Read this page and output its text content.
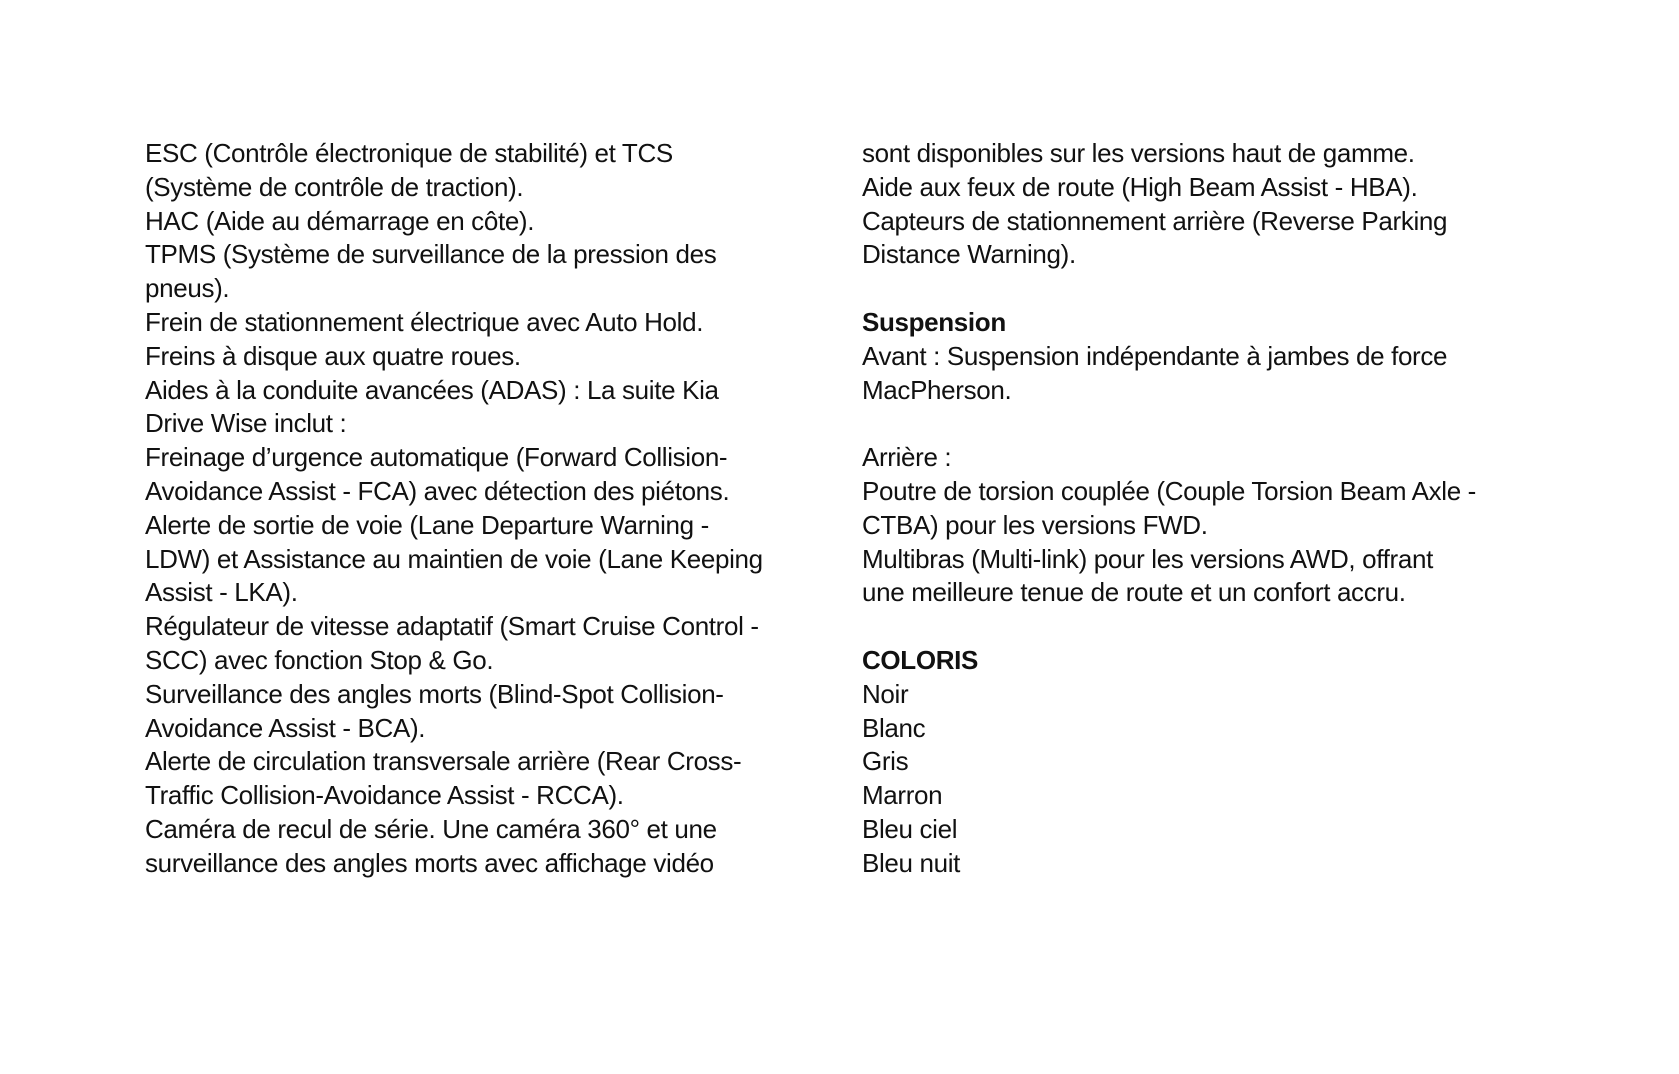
ESC (Contrôle électronique de stabilité) et TCS
(Système de contrôle de traction).
HAC (Aide au démarrage en côte).
TPMS (Système de surveillance de la pression des
pneus).
Frein de stationnement électrique avec Auto Hold.
Freins à disque aux quatre roues.
Aides à la conduite avancées (ADAS) : La suite Kia
Drive Wise inclut :
Freinage d’urgence automatique (Forward Collision-
Avoidance Assist - FCA) avec détection des piétons.
Alerte de sortie de voie (Lane Departure Warning -
LDW) et Assistance au maintien de voie (Lane Keeping
Assist - LKA).
Régulateur de vitesse adaptatif (Smart Cruise Control -
SCC) avec fonction Stop & Go.
Surveillance des angles morts (Blind-Spot Collision-
Avoidance Assist - BCA).
Alerte de circulation transversale arrière (Rear Cross-
Traffic Collision-Avoidance Assist - RCCA).
Caméra de recul de série. Une caméra 360° et une
surveillance des angles morts avec affichage vidéo
sont disponibles sur les versions haut de gamme.
Aide aux feux de route (High Beam Assist - HBA).
Capteurs de stationnement arrière (Reverse Parking
Distance Warning).
Suspension
Avant : Suspension indépendante à jambes de force
MacPherson.
Arrière :
Poutre de torsion couplée (Couple Torsion Beam Axle -
CTBA) pour les versions FWD.
Multibras (Multi-link) pour les versions AWD, offrant
une meilleure tenue de route et un confort accru.
COLORIS
Noir
Blanc
Gris
Marron
Bleu ciel
Bleu nuit
